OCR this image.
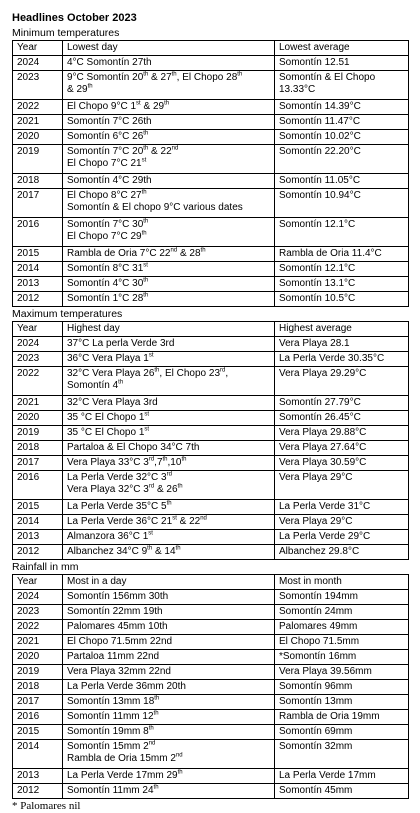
Headlines October 2023
Minimum temperatures
Year	Lowest day	Lowest average
2024	4°C Somontín 27th	Somontín 12.51

2023	9°C Somontín 20th & 27th, El Chopo 28th
& 29th	Somontín & El Chopo
13.33°C

2022	El Chopo 9°C 1st & 29th	Somontín 14.39°C

2021	Somontín 7°C 26th	Somontín 11.47°C

2020	Somontín 6°C 26th	Somontín 10.02°C

2019	Somontín 7°C 20th & 22nd
El Chopo 7°C 21st	Somontín 22.20°C

2018	Somontín 4°C 29th	Somontín 11.05°C

2017	El Chopo 8°C 27th
Somontín & El chopo 9°C various dates	Somontín 10.94°C

2016	Somontín 7°C 30th
El Chopo 7°C 29th	Somontín 12.1°C

2015	Rambla de Oria 7°C 22nd & 28th	Rambla de Oria 11.4°C

2014	Somontín 8°C 31st	Somontín 12.1°C

2013	Somontín 4°C 30th	Somontín 13.1°C

2012	Somontín 1°C 28th	Somontín 10.5°C
Maximum temperatures
Year	Highest day	Highest average
2024	37°C La perla Verde 3rd	Vera Playa 28.1

2023	36°C Vera Playa 1st	La Perla Verde 30.35°C

2022	32°C Vera Playa 26th, El Chopo 23rd,
Somontín 4th	Vera Playa 29.29°C

2021	32°C Vera Playa 3rd	Somontín 27.79°C

2020	35 °C El Chopo 1st	Somontín 26.45°C

2019	35 °C El Chopo 1st	Vera Playa 29.88°C

2018	Partaloa & El Chopo 34°C 7th	Vera Playa 27.64°C

2017	Vera Playa 33°C 3rd,7th,10th	Vera Playa 30.59°C

2016	La Perla Verde 32°C 3rd
Vera Playa 32°C 3rd & 26th	Vera Playa 29°C

2015	La Perla Verde 35°C 5th	La Perla Verde 31°C

2014	La Perla Verde 36°C 21st & 22nd	Vera Playa 29°C

2013	Almanzora 36°C 1st	La Perla Verde 29°C

2012	Albanchez 34°C 9th & 14th	Albanchez 29.8°C
Rainfall in mm
Year	Most in a day	Most in month
2024	Somontín 156mm 30th	Somontín 194mm

2023	Somontín 22mm 19th	Somontín 24mm

2022	Palomares 45mm 10th	Palomares 49mm

2021	El Chopo 71.5mm 22nd	El Chopo 71.5mm

2020	Partaloa 11mm 22nd	*Somontín 16mm

2019	Vera Playa 32mm 22nd	Vera Playa 39.56mm

2018	La Perla Verde 36mm 20th	Somontín 96mm

2017	Somontín 13mm 18th	Somontín 13mm

2016	Somontín 11mm 12th	Rambla de Oria 19mm

2015	Somontín 19mm 8th	Somontín 69mm

2014	Somontín 15mm 2nd
Rambla de Oria 15mm 2nd	Somontín 32mm

2013	La Perla Verde 17mm 29th	La Perla Verde 17mm

2012	Somontín 11mm 24th	Somontín 45mm
* Palomares nil
